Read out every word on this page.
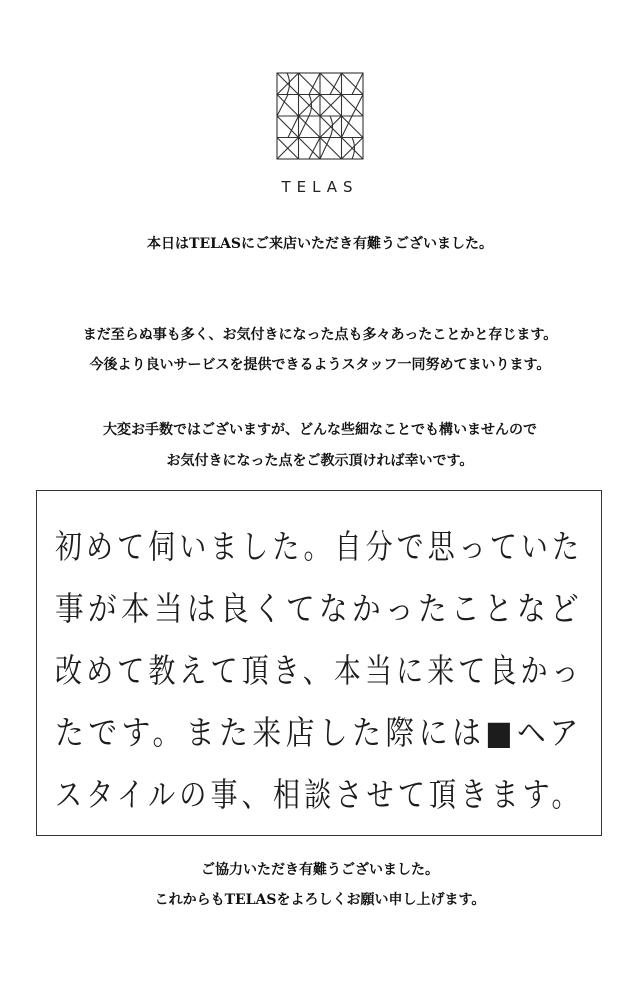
TELAS
本日はTELASにご来店いただき有難うございました。
まだ至らぬ事も多く、お気付きになった点も多々あったことかと存じます。
今後より良いサービスを提供できるようスタッフ一同努めてまいります。
大変お手数ではございますが、どんな些細なことでも構いませんので
お気付きになった点をご教示頂ければ幸いです。
初めて伺いました。自分で思っていた
事が本当は良くてなかったことなど
改めて教えて頂き、本当に来て良かっ
たです。また来店した際には■ヘア
スタイルの事、相談させて頂きます。
ご協力いただき有難うございました。
これからもTELASをよろしくお願い申し上げます。
